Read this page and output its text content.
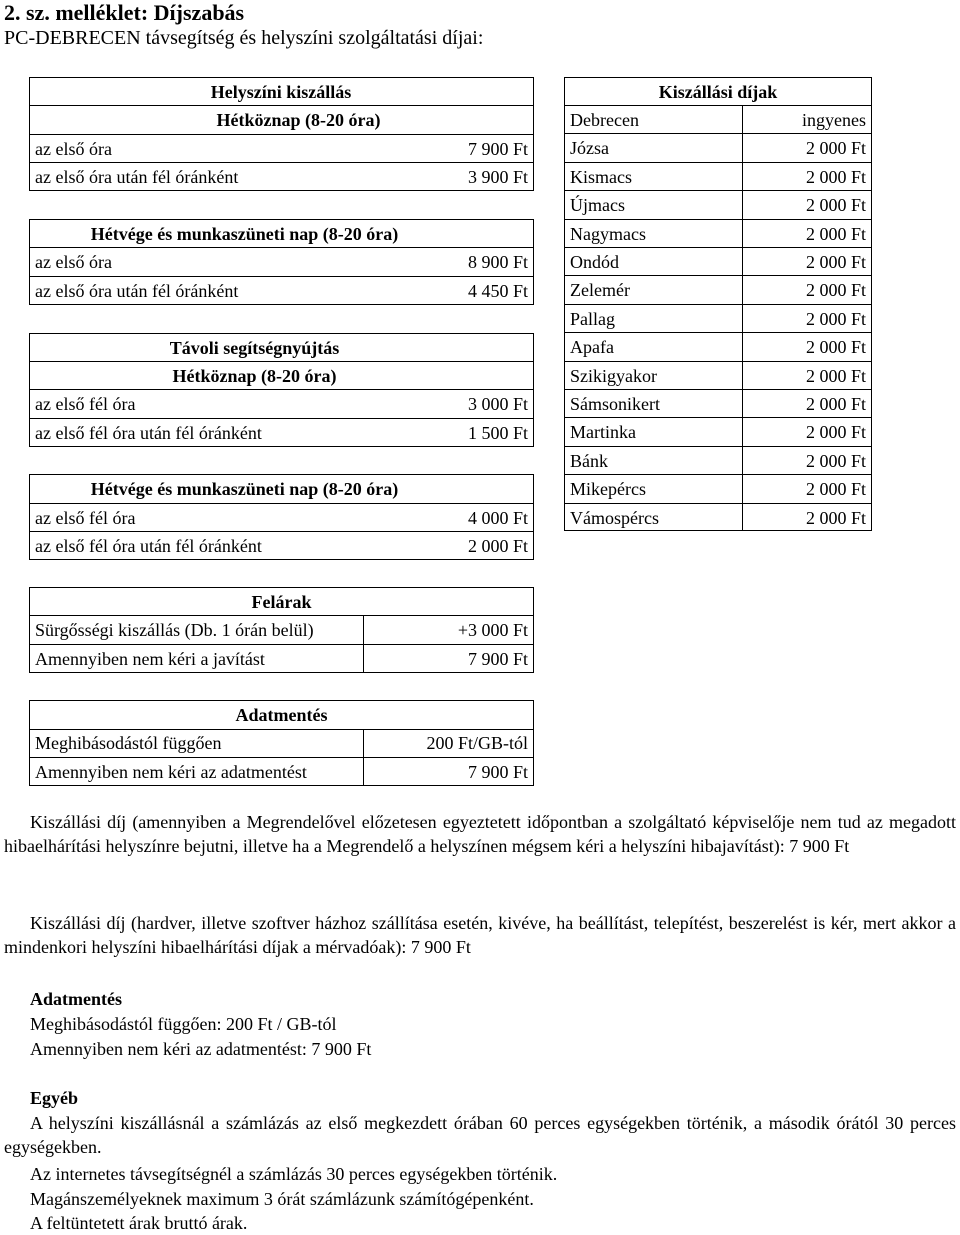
2. sz. melléklet: Díjszabás
PC-DEBRECEN távsegítség és helyszíni szolgáltatási díjai:
Helyszíni kiszállás
Hétköznap (8-20 óra)
az első óra	7 900 Ft
az első óra után fél óránként	3 900 Ft
Hétvége és munkaszüneti nap (8-20 óra)
az első óra	8 900 Ft
az első óra után fél óránként	4 450 Ft
Távoli segítségnyújtás
Hétköznap (8-20 óra)
az első fél óra	3 000 Ft
az első fél óra után fél óránként	1 500 Ft
Hétvége és munkaszüneti nap (8-20 óra)
az első fél óra	4 000 Ft
az első fél óra után fél óránként	2 000 Ft
Kiszállási díjak
Debrecen	ingyenes
Józsa	2 000 Ft
Kismacs	2 000 Ft
Újmacs	2 000 Ft
Nagymacs	2 000 Ft
Ondód	2 000 Ft
Zelemér	2 000 Ft
Pallag	2 000 Ft
Apafa	2 000 Ft
Szikigyakor	2 000 Ft
Sámsonikert	2 000 Ft
Martinka	2 000 Ft
Bánk	2 000 Ft
Mikepércs	2 000 Ft
Vámospércs	2 000 Ft
Felárak
Sürgősségi kiszállás (Db. 1 órán belül)	+3 000 Ft
Amennyiben nem kéri a javítást	7 900 Ft
Adatmentés
Meghibásodástól függően	200 Ft/GB-tól
Amennyiben nem kéri az adatmentést	7 900 Ft
Kiszállási díj (amennyiben a Megrendelővel előzetesen egyeztetett időpontban a szolgáltató képviselője nem tud az megadott hibaelhárítási helyszínre bejutni, illetve ha a Megrendelő a helyszínen mégsem kéri a helyszíni hibajavítást): 7 900 Ft
Kiszállási díj (hardver, illetve szoftver házhoz szállítása esetén, kivéve, ha beállítást, telepítést, beszerelést is kér, mert akkor a mindenkori helyszíni hibaelhárítási díjak a mérvadóak): 7 900 Ft
Adatmentés
Meghibásodástól függően: 200 Ft / GB-tól
Amennyiben nem kéri az adatmentést: 7 900 Ft
Egyéb
A helyszíni kiszállásnál a számlázás az első megkezdett órában 60 perces egységekben történik, a második órától 30 perces egységekben.
Az internetes távsegítségnél a számlázás 30 perces egységekben történik.
Magánszemélyeknek maximum 3 órát számlázunk számítógépenként.
A feltüntetett árak bruttó árak.
